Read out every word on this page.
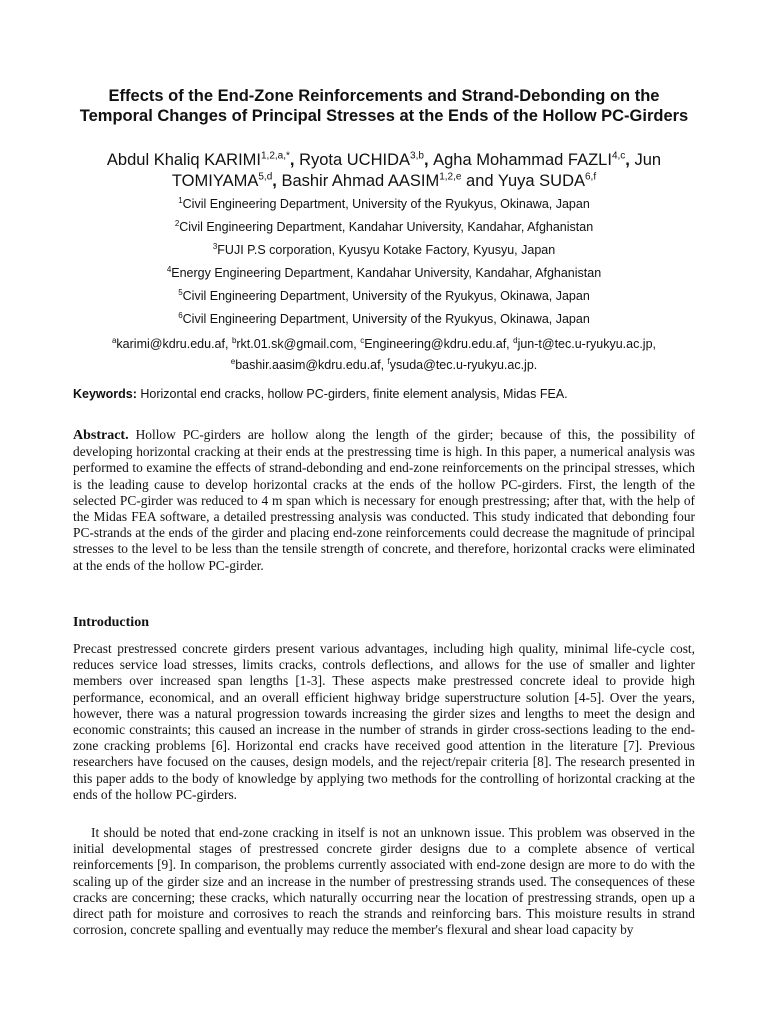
Effects of the End-Zone Reinforcements and Strand-Debonding on the Temporal Changes of Principal Stresses at the Ends of the Hollow PC-Girders
Abdul Khaliq $KARIMI^{1,2,a,*}$, Ryota UCHIDA$^{3,b}$, Agha Mohammad FAZLI$^{4,c}$, Jun TOMIYAMA$^{5,d}$, Bashir Ahmad AASIM$^{1,2,e}$ and Yuya SUDA$^{6,f}$
$^1$Civil Engineering Department, University of the Ryukyus, Okinawa, Japan
$^2$Civil Engineering Department, Kandahar University, Kandahar, Afghanistan
$^3$FUJI P.S corporation, Kyusyu Kotake Factory, Kyusyu, Japan
$^4$Energy Engineering Department, Kandahar University, Kandahar, Afghanistan
$^5$Civil Engineering Department, University of the Ryukyus, Okinawa, Japan
$^6$Civil Engineering Department, University of the Ryukyus, Okinawa, Japan
$^a$karimi@kdru.edu.af, $^b$rkt.01.sk@gmail.com, $^c$Engineering@kdru.edu.af, $^d$jun-t@tec.u-ryukyu.ac.jp,
$^e$bashir.aasim@kdru.edu.af, $^f$ysuda@tec.u-ryukyu.ac.jp.
Keywords: Horizontal end cracks, hollow PC-girders, finite element analysis, Midas FEA.

Abstract. Hollow PC-girders are hollow along the length of the girder; because of this, the possibility of developing horizontal cracking at their ends at the prestressing time is high. In this paper, a numerical analysis was performed to examine the effects of strand-debonding and end-zone reinforcements on the principal stresses, which is the leading cause to develop horizontal cracks at the ends of the hollow PC-girders. First, the length of the selected PC-girder was reduced to 4 m span which is necessary for enough prestressing; after that, with the help of the Midas FEA software, a detailed prestressing analysis was conducted. This study indicated that debonding four PC-strands at the ends of the girder and placing end-zone reinforcements could decrease the magnitude of principal stresses to the level to be less than the tensile strength of concrete, and therefore, horizontal cracks were eliminated at the ends of the hollow PC-girder.

Introduction

Precast prestressed concrete girders present various advantages, including high quality, minimal life-cycle cost, reduces service load stresses, limits cracks, controls deflections, and allows for the use of smaller and lighter members over increased span lengths [1-3]. These aspects make prestressed concrete ideal to provide high performance, economical, and an overall efficient highway bridge superstructure solution [4-5]. Over the years, however, there was a natural progression towards increasing the girder sizes and lengths to meet the design and economic constraints; this caused an increase in the number of strands in girder cross-sections leading to the end-zone cracking problems [6]. Horizontal end cracks have received good attention in the literature [7]. Previous researchers have focused on the causes, design models, and the reject/repair criteria [8]. The research presented in this paper adds to the body of knowledge by applying two methods for the controlling of horizontal cracking at the ends of the hollow PC-girders.

It should be noted that end-zone cracking in itself is not an unknown issue. This problem was observed in the initial developmental stages of prestressed concrete girder designs due to a complete absence of vertical reinforcements [9]. In comparison, the problems currently associated with end-zone design are more to do with the scaling up of the girder size and an increase in the number of prestressing strands used. The consequences of these cracks are concerning; these cracks, which naturally occurring near the location of prestressing strands, open up a direct path for moisture and corrosives to reach the strands and reinforcing bars. This moisture results in strand corrosion, concrete spalling and eventually may reduce the member's flexural and shear load capacity by
